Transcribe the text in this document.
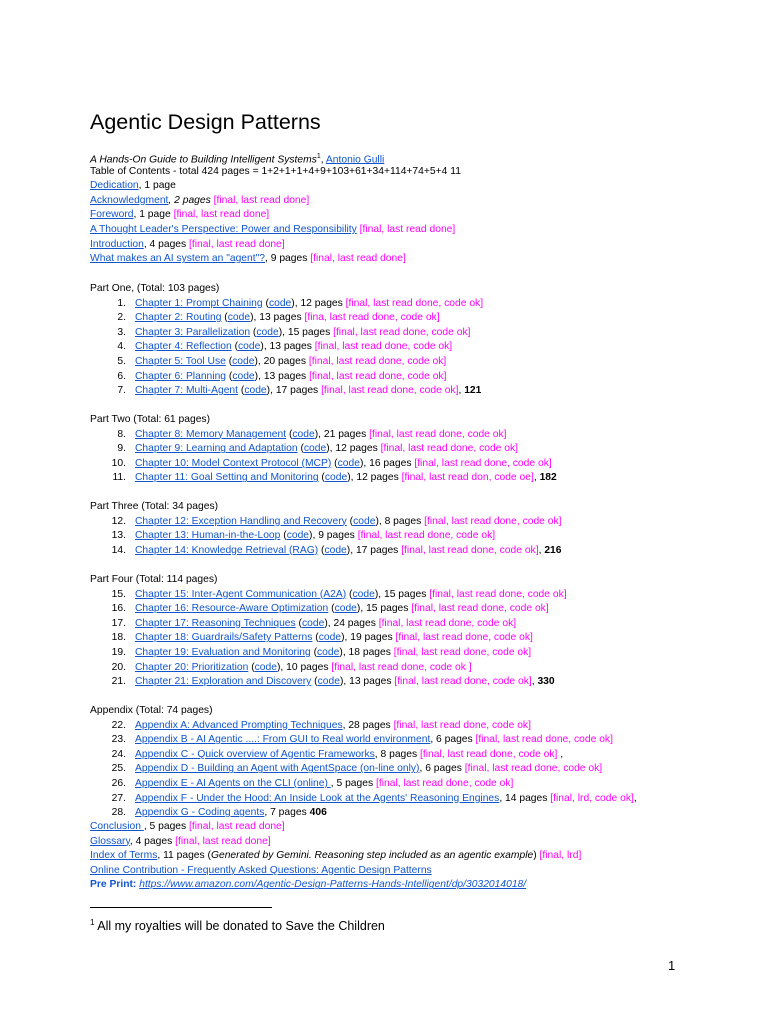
Agentic Design Patterns
A Hands-On Guide to Building Intelligent Systems$^1$, Antonio Gulli
Table of Contents - total 424 pages = 1+2+1+1+4+9+103+61+34+114+74+5+4 11
Dedication, 1 page
Acknowledgment, 2 pages [final, last read done]
Foreword, 1 page [final, last read done]
A Thought Leader's Perspective: Power and Responsibility [final, last read done]
Introduction, 4 pages [final, last read done]
What makes an AI system an "agent"?, 9 pages [final, last read done]
Part One, (Total: 103 pages)
1. Chapter 1: Prompt Chaining (code), 12 pages [final, last read done, code ok]
2. Chapter 2: Routing (code), 13 pages [fina, last read done, code ok]
3. Chapter 3: Parallelization (code), 15 pages [final, last read done, code ok]
4. Chapter 4: Reflection (code), 13 pages [final, last read done, code ok]
5. Chapter 5: Tool Use (code), 20 pages [final, last read done, code ok]
6. Chapter 6: Planning (code), 13 pages [final, last read done, code ok]
7. Chapter 7: Multi-Agent (code), 17 pages [final, last read done, code ok], 121
Part Two (Total: 61 pages)
8. Chapter 8: Memory Management (code), 21 pages [final, last read done, code ok]
9. Chapter 9: Learning and Adaptation (code), 12 pages [final, last read done, code ok]
10. Chapter 10: Model Context Protocol (MCP) (code), 16 pages [final, last read done, code ok]
11. Chapter 11: Goal Setting and Monitoring (code), 12 pages [final, last read don, code oe], 182
Part Three (Total: 34 pages)
12. Chapter 12: Exception Handling and Recovery (code), 8 pages [final, last read done, code ok]
13. Chapter 13: Human-in-the-Loop (code), 9 pages [final, last read done, code ok]
14. Chapter 14: Knowledge Retrieval (RAG) (code), 17 pages [final, last read done, code ok], 216
Part Four (Total: 114 pages)
15. Chapter 15: Inter-Agent Communication (A2A) (code), 15 pages [final, last read done, code ok]
16. Chapter 16: Resource-Aware Optimization (code), 15 pages [final, last read done, code ok]
17. Chapter 17: Reasoning Techniques (code), 24 pages [final, last read done, code ok]
18. Chapter 18: Guardrails/Safety Patterns (code), 19 pages [final, last read done, code ok]
19. Chapter 19: Evaluation and Monitoring (code), 18 pages [final, last read done, code ok]
20. Chapter 20: Prioritization (code), 10 pages [final, last read done, code ok ]
21. Chapter 21: Exploration and Discovery (code), 13 pages [final, last read done, code ok], 330
Appendix (Total: 74 pages)
22. Appendix A: Advanced Prompting Techniques, 28 pages [final, last read done, code ok]
23. Appendix B - AI Agentic ....: From GUI to Real world environment, 6 pages [final, last read done, code ok]
24. Appendix C - Quick overview of Agentic Frameworks, 8 pages [final, last read done, code ok] ,
25. Appendix D - Building an Agent with AgentSpace (on-line only), 6 pages [final, last read done, code ok]
26. Appendix E - AI Agents on the CLI (online) , 5 pages [final, last read done, code ok]
27. Appendix F - Under the Hood: An Inside Look at the Agents' Reasoning Engines, 14 pages [final, lrd, code ok],
28. Appendix G - Coding agents, 7 pages 406
Conclusion , 5 pages [final, last read done]
Glossary, 4 pages [final, last read done]
Index of Terms, 11 pages (Generated by Gemini. Reasoning step included as an agentic example) [final, lrd]
Online Contribution - Frequently Asked Questions: Agentic Design Patterns
Pre Print: https://www.amazon.com/Agentic-Design-Patterns-Hands-Intelligent/dp/3032014018/
$^1$ All my royalties will be donated to Save the Children
1
